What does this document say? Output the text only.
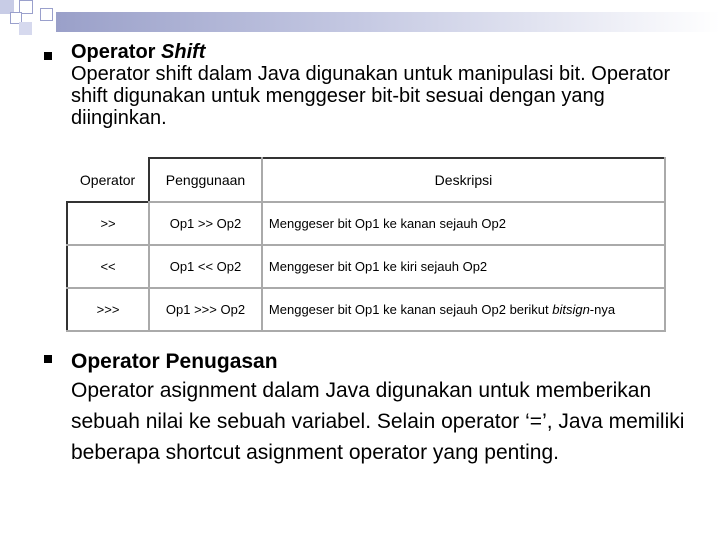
Operator Shift
Operator shift dalam Java digunakan untuk manipulasi bit. Operator shift digunakan untuk menggeser bit-bit sesuai dengan yang diinginkan.
Operator	Penggunaan	Deskripsi
>>	Op1 >> Op2	Menggeser bit Op1 ke kanan sejauh Op2
<<	Op1 << Op2	Menggeser bit Op1 ke kiri sejauh Op2
>>>	Op1 >>> Op2	Menggeser bit Op1 ke kanan sejauh Op2 berikut bitsign-nya
Operator Penugasan
Operator asignment dalam Java digunakan untuk memberikan sebuah nilai ke sebuah variabel. Selain operator ‘=’, Java memiliki beberapa shortcut asignment operator yang penting.
